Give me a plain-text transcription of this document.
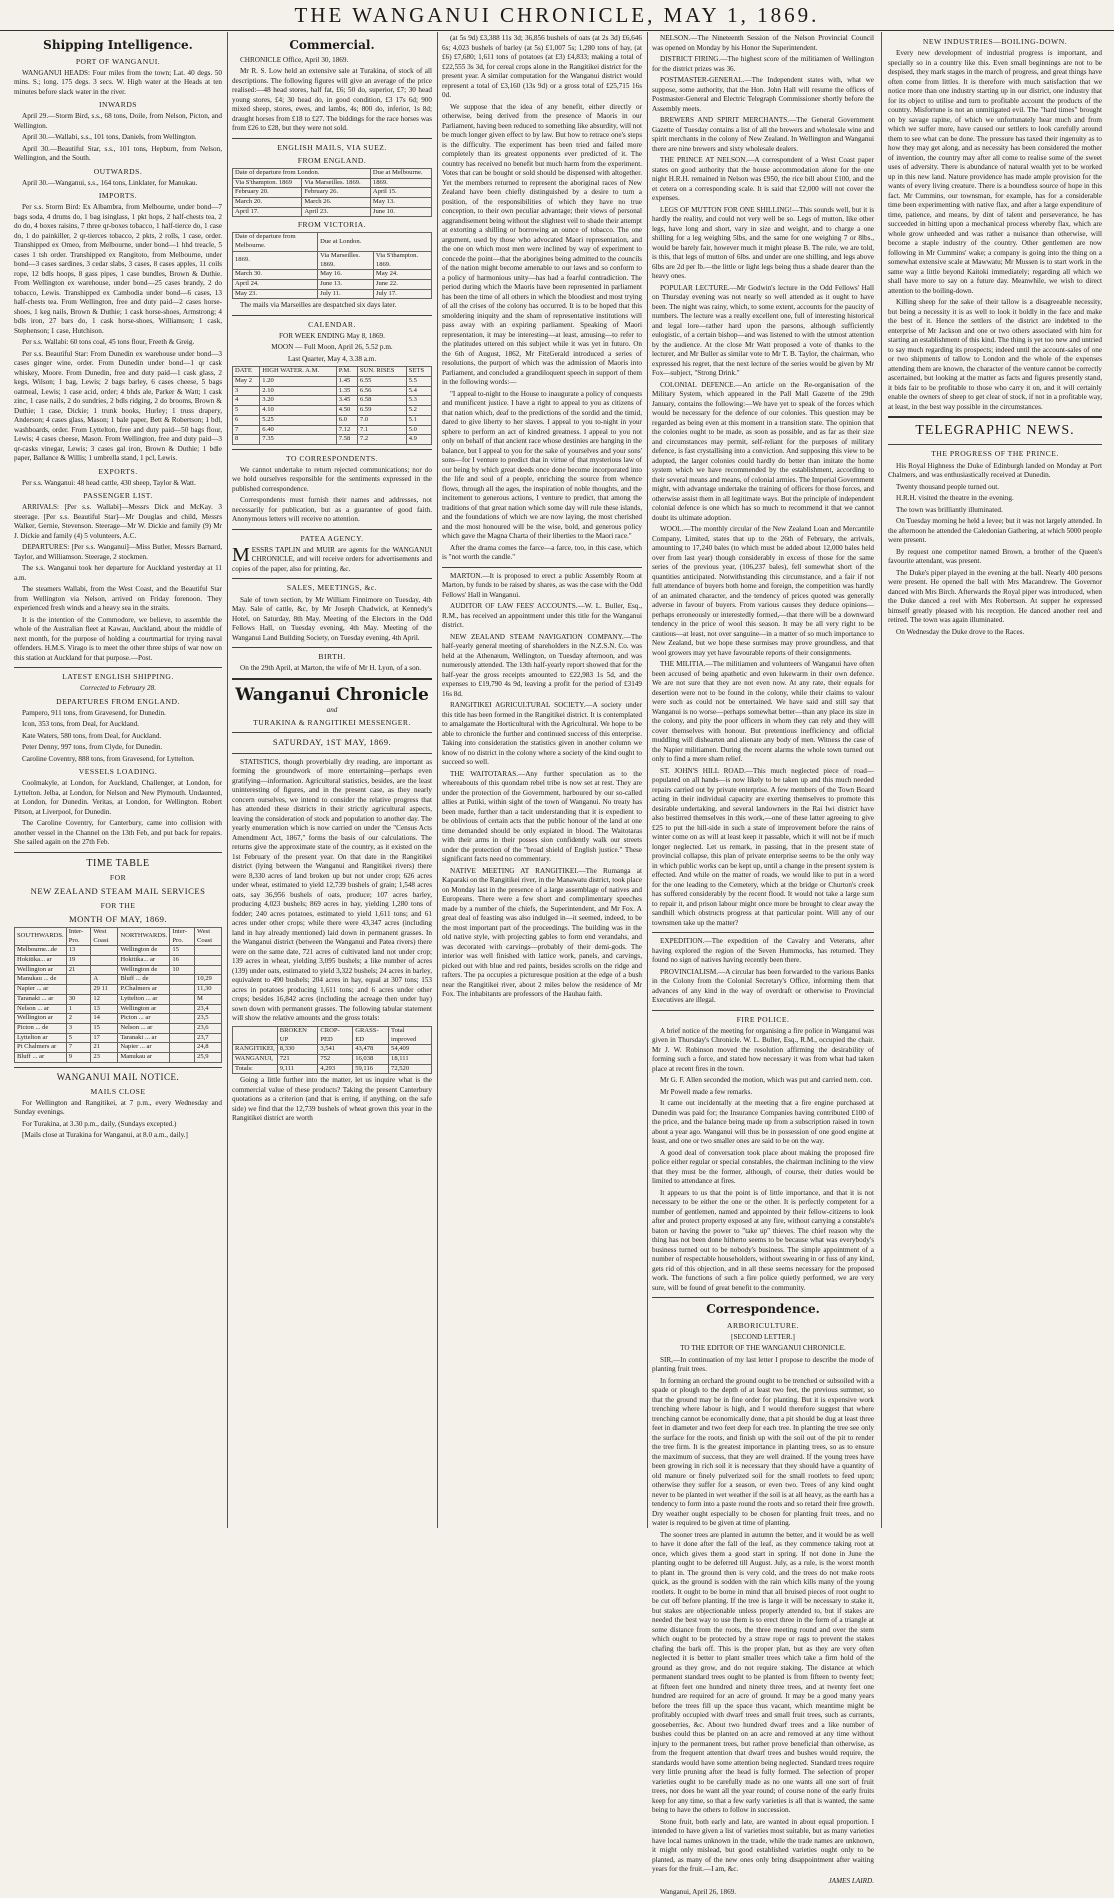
THE WANGANUI CHRONICLE, MAY 1, 1869.
Shipping Intelligence.
PORT OF WANGANUI.

WANGANUI HEADS: Four miles from the town; Lat. 40 degs. 50 mins. S.; long. 175 degs. 3 secs. W. High water at the Heads at ten minutes before slack water in the river.

INWARDS

April 29.—Storm Bird, s.s., 68 tons, Doile, from Nelson, Picton, and Wellington.

April 30.—Wallabi, s.s., 101 tons, Daniels, from Wellington.

April 30.—Beautiful Star, s.s., 101 tons, Hepburn, from Nelson, Wellington, and the South.

OUTWARDS.

April 30.—Wanganui, s.s., 164 tons, Linklater, for Manukau.

IMPORTS.

Per s.s. Storm Bird: Ex Albambra, from Melbourne, under bond—7 bags soda, 4 drums do, 1 bag isinglass, 1 pkt hops, 2 half-chests tea, 2 do do, 4 boxes raisins, 7 three qr-boxes tobacco, 1 half-tierce do, 1 case do, 1 do painkiller, 2 qr-tierces tobacco, 2 pkts, 2 rolls, 1 case, order. Transhipped ex Omeo, from Melbourne, under bond—1 hhd treacle, 5 cases 1 tsh order. Transhipped ex Rangitoto, from Melbourne, under bond—3 cases sardines, 3 cedar slabs, 3 cases, 8 cases apples, 11 coils rope, 12 bdls hoops, 8 gass pipes, 1 case bundles, Brown & Duthie. From Wellington ex warehouse, under bond—25 cases brandy, 2 do tobacco, Lewis. Transhipped ex Cambodia under bond—6 cases, 13 half-chests tea. From Wellington, free and duty paid—2 cases horse-shoes, 1 keg nails, Brown & Duthie; 1 cask horse-shoes, Armstrong; 4 bdls iron, 27 bars do, 1 cask horse-shoes, Williamson; 1 cask, Stephenson; 1 case, Hutchison.

Per s.s. Wallabi: 60 tons coal, 45 tons flour, Freeth & Greig.

Per s.s. Beautiful Star: From Dunedin ex warehouse under bond—3 cases ginger wine, order. From Dunedin under bond—1 qr cask whiskey, Moore. From Dunedin, free and duty paid—1 cask glass, 2 kegs, Wilson; 1 bag, Lewis; 2 bags barley, 6 cases cheese, 5 bags oatmeal, Lewis; 1 case acid, order; 4 bhds ale, Parker & Watt; 1 cask zinc, 1 case nails, 2 do sundries, 2 bdls ridging, 2 do brooms, Brown & Duthie; 1 case, Dickie; 1 trunk books, Hurley; 1 truss drapery, Anderson; 4 cases glass, Mason; 1 bale paper, Bett & Robertson; 1 bdl, washboards, order. From Lyttelton, free and duty paid—50 bags flour, Lewis; 4 cases cheese, Mason. From Wellington, free and duty paid—3 qr-casks vinegar, Lewis; 3 cases gal iron, Brown & Duthie; 1 bdle paper, Ballance & Willis; 1 umbrella stand, 1 pcl, Lewis.

EXPORTS.

Per s.s. Wanganui: 48 head cattle, 430 sheep, Taylor & Watt.

PASSENGER LIST.

ARRIVALS: [Per s.s. Wallabi]—Messrs Dick and McKay. 3 steerage. [Per s.s. Beautiful Star]—Mr Douglas and child, Messrs Walker, Gernie, Stevenson. Steerage—Mr W. Dickie and family (9) Mr J. Dickie and family (4) 5 volunteers, A.C.

DEPARTURES: [Per s.s. Wanganui]—Miss Butler, Messrs Barnard, Taylor, and Williamson. Steerage, 2 stockmen.

The s.s. Wanganui took her departure for Auckland yesterday at 11 a.m.

The steamers Wallabi, from the West Coast, and the Beautiful Star from Wellington via Nelson, arrived on Friday forenoon. They experienced fresh winds and a heavy sea in the straits.

It is the intention of the Commodore, we believe, to assemble the whole of the Australian fleet at Kawau, Auckland, about the middle of next month, for the purpose of holding a courtmartial for trying naval offenders. H.M.S. Virago is to meet the other three ships of war now on this station at Auckland for that purpose.—Post.

LATEST ENGLISH SHIPPING.

Corrected to February 28.

DEPARTURES FROM ENGLAND.

Pampero, 911 tons, from Gravesend, for Dunedin.

Icon, 353 tons, from Deal, for Auckland.

Kate Waters, 580 tons, from Deal, for Auckland.

Peter Denny, 997 tons, from Clyde, for Dunedin.

Caroline Coventry, 888 tons, from Gravesend, for Lyttelton.

VESSELS LOADING.

Coolmakyle, at London, for Auckland, Challenger, at London, for Lyttelton. Jelba, at London, for Nelson and New Plymouth. Undaunted, at London, for Dunedin. Veritas, at London, for Wellington. Robert Pitson, at Liverpool, for Dunedin.

The Caroline Coventry, for Canterbury, came into collision with another vessel in the Channel on the 13th Feb, and put back for repairs. She sailed again on the 27th Feb.

TIME TABLE
FOR
NEW ZEALAND STEAM MAIL SERVICES
FOR THE
MONTH OF MAY, 1869.
SOUTHWARDS.	Inter-Pro.	West Coast	NORTHWARDS.	Inter-Pro.	West Coast
Melbourne...de	13		Wellington de	15	
Hokitika... ar	19		Hokitika... ar	16	
Wellington ar	21		Wellington de	10	
Manukau ... de		A	Bluff ... de		10,29
Napier ... ar		29 11	P.Chalmers ar		11,30
Taranaki ... ar	30	12	Lyttelton ... ar		M
Nelson ... ar	1	13	Wellington ar		23,4
Wellington ar	2	14	Picton ... ar		23,5
Picton ... de	3	15	Nelson ... ar		23,6
Lyttelton ar	5	17	Taranaki ... ar		23,7
Pt Chalmers ar	7	21	Napier ... ar		24,8
Bluff ... ar	9	23	Manukau ar		25,9
WANGANUI MAIL NOTICE.
MAILS CLOSE

For Wellington and Rangitikei, at 7 p.m., every Wednesday and Sunday evenings.

For Turakina, at 3.30 p.m., daily, (Sundays excepted.)

[Mails close at Turakina for Wanganui, at 8.0 a.m., daily.]

Commercial.

CHRONICLE Office, April 30, 1869.

Mr R. S. Low held an extensive sale at Turakina, of stock of all descriptions. The following figures will give an average of the price realised:—48 head stores, half fat, £6; 50 do, superior, £7; 30 head young stores, £4; 30 head do, in good condition, £3 17s 6d; 900 mixed sheep, stores, ewes, and lambs, 4s; 800 do, inferior, 1s 8d; draught horses from £18 to £27. The biddings for the race horses was from £26 to £28, but they were not sold.

ENGLISH MAILS, VIA SUEZ.
FROM ENGLAND.
Date of departure from London.		Due at Melbourne.
Via S'thampton. 1869	Via Marseilles. 1869.	1869.
February 20.	February 26.	April 15.
March 20.	March 26.	May 13.
April 17.	April 23.	June 10.
FROM VICTORIA.
Date of departure from Melbourne.	Due at London.	
1869.	Via Marseilles. 1869.	Via S'thampton. 1869.
March 30.	May 16.	May 24.
April 24.	June 13.	June 22.
May 23.	July 11.	July 17.

The mails via Marseilles are despatched six days later.

CALENDAR.

FOR WEEK ENDING May 8, 1869.

MOON — Full Moon, April 26, 5.52 p.m.

Last Quarter, May 4, 3.38 a.m.

DATE	HIGH WATER. A.M.	P.M.	SUN. RISES	SETS
May 2	1.20	1.45	6.55	5.5
3	2.10	1.35	6.56	5.4
4	3.20	3.45	6.58	5.3
5	4.10	4.50	6.59	5.2
6	5.25	6.0	7.0	5.1
7	6.40	7.12	7.1	5.0
8	7.35	7.58	7.2	4.9
TO CORRESPONDENTS.

We cannot undertake to return rejected communications; nor do we hold ourselves responsible for the sentiments expressed in the published correspondence.

Correspondents must furnish their names and addresses, not necessarily for publication, but as a guarantee of good faith. Anonymous letters will receive no attention.

PATEA AGENCY.

MESSRS TAPLIN and MUIR are agents for the WANGANUI CHRONICLE, and will receive orders for advertisements and copies of the paper, also for printing, &c.

SALES, MEETINGS, &c.

Sale of town section, by Mr William Finnimore on Tuesday, 4th May. Sale of cattle, &c, by Mr Joseph Chadwick, at Kennedy's Hotel, on Saturday, 8th May. Meeting of the Electors in the Odd Fellows Hall, on Tuesday evening, 4th May. Meeting of the Wanganui Land Building Society, on Tuesday evening, 4th April.

BIRTH.

On the 29th April, at Marton, the wife of Mr H. Lyon, of a son.

Wanganui Chronicle

and

TURAKINA & RANGITIKEI MESSENGER.
SATURDAY, 1ST MAY, 1869.

STATISTICS, though proverbially dry reading, are important as forming the groundwork of more entertaining—perhaps even gratifying—information. Agricultural statistics, besides, are the least uninteresting of figures, and in the present case, as they nearly concern ourselves, we intend to consider the relative progress that has attended these districts in their strictly agricultural aspects, leaving the consideration of stock and population to another day. The yearly enumeration which is now carried on under the "Census Acts Amendment Act, 1867," forms the basis of our calculations. The returns give the approximate state of the country, as it existed on the 1st February of the present year. On that date in the Rangitikei district (lying between the Wanganui and Rangitikei rivers) there were 8,330 acres of land broken up but not under crop; 626 acres under wheat, estimated to yield 12,739 bushels of grain; 1,548 acres oats, say 36,956 bushels of oats, produce; 107 acres barley, producing 4,023 bushels; 869 acres in hay, yielding 1,280 tons of fodder; 240 acres potatoes, estimated to yield 1,611 tons; and 61 acres under other crops; while there were 43,347 acres (including land in hay already mentioned) laid down in permanent grasses. In the Wanganui district (between the Wanganui and Patea rivers) there were on the same date, 721 acres of cultivated land not under crop; 139 acres in wheat, yielding 3,095 bushels; a like number of acres (139) under oats, estimated to yield 3,322 bushels; 24 acres in barley, equivalent to 490 bushels; 204 acres in hay, equal at 307 tons; 153 acres in potatoes producing 1,611 tons; and 6 acres under other crops; besides 16,842 acres (including the acreage then under hay) sown down with permanent grasses. The following tabular statement will show the relative amounts and the gross totals:

	BROKEN UP	CROP-PED	GRASS-ED	Total improved
RANGITIKEI,	8,330	3,541	43,478	54,409
WANGANUI,	721	752	16,038	18,111
Totals:	9,111	4,293	59,116	72,520

Going a little further into the matter, let us inquire what is the commercial value of these products? Taking the present Canterbury quotations as a criterion (and that is erring, if anything, on the safe side) we find that the 12,739 bushels of wheat grown this year in the Rangitikei district are worth

(at 5s 9d) £3,388 11s 3d; 36,856 bushels of oats (at 2s 3d) £6,646 6s; 4,023 bushels of barley (at 5s) £1,007 5s; 1,280 tons of hay, (at £6) £7,680; 1,611 tons of potatoes (at £3) £4,833; making a total of £22,555 3s 3d, for cereal crops alone in the Rangitikei district for the present year. A similar computation for the Wanganui district would represent a total of £3,160 (13s 9d) or a gross total of £25,715 16s 0d.

We suppose that the idea of any benefit, either directly or otherwise, being derived from the presence of Maoris in our Parliament, having been reduced to something like absurdity, will not be much longer given effect to by law. But how to retrace one's steps is the difficulty. The experiment has been tried and failed more completely than its greatest opponents ever predicted of it. The country has received no benefit but much harm from the experiment. Votes that can be bought or sold should be dispensed with altogether. Yet the members returned to represent the aboriginal races of New Zealand have been chiefly distinguished by a desire to turn a position, of the responsibilities of which they have no true conception, to their own peculiar advantage; their views of personal aggrandisement being without the slightest veil to shade their attempt at extorting a shilling or borrowing an ounce of tobacco. The one argument, used by those who advocated Maori representation, and the one on which most men were inclined by way of experiment to concede the point—that the aborigines being admitted to the councils of the nation might become amenable to our laws and so conform to a policy of harmonious unity—has had a fearful contradiction. The period during which the Maoris have been represented in parliament has been the time of all others in which the bloodiest and most trying of all the crises of the colony has occurred. It is to be hoped that this smoldering iniquity and the sham of representative institutions will pass away with an expiring parliament. Speaking of Maori representation, it may be interesting—at least, amusing—to refer to the platitudes uttered on this subject while it was yet in futuro. On the 6th of August, 1862, Mr FitzGerald introduced a series of resolutions, the purport of which was the admission of Maoris into Parliament, and concluded a grandiloquent speech in support of them in the following words:—

"I appeal to-night to the House to inaugurate a policy of conquests and munificent justice. I have a right to appeal to you as citizens of that nation which, deaf to the predictions of the sordid and the timid, dared to give liberty to her slaves. I appeal to you to-night in your sphere to perform an act of kindred greatness. I appeal to you not only on behalf of that ancient race whose destinies are hanging in the balance, but I appeal to you for the sake of yourselves and your sons' sons—for I venture to predict that in virtue of that mysterious law of our being by which great deeds once done become incorporated into the life and soul of a people, enriching the source from whence flows, through all the ages, the inspiration of noble thoughts, and the incitement to generous actions, I venture to predict, that among the traditions of that great nation which some day will rule these islands, and the foundations of which we are now laying, the most cherished and the most honoured will be the wise, bold, and generous policy which gave the Magna Charta of their liberties to the Maori race."

After the drama comes the farce—a farce, too, in this case, which is "not worth the candle."

MARTON.—It is proposed to erect a public Assembly Room at Marton, by funds to be raised by shares, as was the case with the Odd Fellows' Hall in Wanganui.

AUDITOR OF LAW FEES' ACCOUNTS.—W. L. Buller, Esq., R.M., has received an appointment under this title for the Wanganui district.

NEW ZEALAND STEAM NAVIGATION COMPANY.—The half-yearly general meeting of shareholders in the N.Z.S.N. Co. was held at the Athenæum, Wellington, on Tuesday afternoon, and was numerously attended. The 13th half-yearly report showed that for the half-year the gross receipts amounted to £22,983 1s 5d, and the expenses to £19,790 4s 9d, leaving a profit for the period of £3149 16s 8d.

RANGITIKEI AGRICULTURAL SOCIETY.—A society under this title has been formed in the Rangitikei district. It is contemplated to amalgamate the Horticultural with the Agricultural. We hope to be able to chronicle the further and continued success of this enterprise. Taking into consideration the statistics given in another column we know of no district in the colony where a society of the kind ought to succeed so well.

THE WAITOTARAS.—Any further speculation as to the whereabouts of this quondam rebel tribe is now set at rest. They are under the protection of the Government, harboured by our so-called allies at Putiki, within sight of the town of Wanganui. No treaty has been made, further than a tacit understanding that it is expedient to be oblivious of certain acts that the public honour of the land at one time demanded should be only expiated in blood. The Waitotaras with their arms in their posses sion confidently walk our streets under the protection of the "broad shield of English justice." These significant facts need no commentary.

NATIVE MEETING AT RANGITIKEI.—The Rumanga at Kaparaki on the Rangitikei river, in the Manawatu district, took place on Monday last in the presence of a large assemblage of natives and Europeans. There were a few short and complimentary speeches made by a number of the chiefs, the Superintendent, and Mr Fox. A great deal of feasting was also indulged in—it seemed, indeed, to be the most important part of the proceedings. The building was in the old native style, with projecting gables to form end verandahs, and was decorated with carvings—probably of their demi-gods. The interior was well finished with lattice work, panels, and carvings, picked out with blue and red paints, besides scrolls on the ridge and rafters. The pa occupies a picturesque position at the edge of a bush near the Rangitikei river, about 2 miles below the residence of Mr Fox. The inhabitants are professors of the Hauhau faith.

NELSON.—The Nineteenth Session of the Nelson Provincial Council was opened on Monday by his Honor the Superintendent.

DISTRICT FIRING.—The highest score of the militiamen of Wellington for the district prizes was 36.

POSTMASTER-GENERAL.—The Independent states with, what we suppose, some authority, that the Hon. John Hall will resume the offices of Postmaster-General and Electric Telegraph Commissioner shortly before the Assembly meets.

BREWERS AND SPIRIT MERCHANTS.—The General Government Gazette of Tuesday contains a list of all the brewers and wholesale wine and spirit merchants in the colony of New Zealand. In Wellington and Wanganui there are nine brewers and sixty wholesale dealers.

THE PRINCE AT NELSON.—A correspondent of a West Coast paper states on good authority that the house accommodation alone for the one night H.R.H. remained in Nelson was £950, the rice bill about £100, and the et cetera on a corresponding scale. It is said that £2,000 will not cover the expenses.

LEGS OF MUTTON FOR ONE SHILLING!—This sounds well, but it is hardly the reality, and could not very well be so. Legs of mutton, like other legs, have long and short, vary in size and weight, and to charge a one shilling for a leg weighing 5lbs, and the same for one weighing 7 or 8lbs., would be barely fair, however much it might please B. The rule, we are told, is this, that legs of mutton of 6lbs. and under are one shilling, and legs above 6lbs are 2d per lb.—the little or light legs being thus a shade dearer than the heavy ones.

POPULAR LECTURE.—Mr Godwin's lecture in the Odd Fellows' Hall on Thursday evening was not nearly so well attended as it ought to have been. The night was rainy, which, to some extent, accounts for the paucity of numbers. The lecture was a really excellent one, full of interesting historical and legal lore—rather hard upon the parsons, although sufficiently eulogistic, of a certain bishop—and was listened to with the utmost attention by the audience. At the close Mr Watt proposed a vote of thanks to the lecturer, and Mr Buller as similar vote to Mr T. B. Taylor, the chairman, who expressed his regret, that the next lecture of the series would be given by Mr Fox—subject, "Strong Drink."

COLONIAL DEFENCE.—An article on the Re-organisation of the Military System, which appeared in the Pall Mall Gazette of the 29th January, contains the following:—We have yet to speak of the forces which would be necessary for the defence of our colonies. This question may be regarded as being even at this moment in a transition state. The opinion that the colonies ought to be made, as soon as possible, and as far as their size and circumstances may permit, self-reliant for the purposes of military defence, is fast crystallising into a conviction. And supposing this view to be adopted, the larger colonies could hardly do better than imitate the home system which we have recommended by the establishment, according to their several means and means, of colonial armies. The Imperial Government might, with advantage undertake the training of officers for those forces, and otherwise assist them in all legitimate ways. But the principle of independent colonial defence is one which has so much to recommend it that we cannot doubt its ultimate adoption.

WOOL.—The monthly circular of the New Zealand Loan and Mercantile Company, Limited, states that up to the 26th of February, the arrivals, amounting to 17,240 bales (to which must be added about 12,000 bales held over from last year) though considerably in excess of those for the same series of the previous year, (106,237 bales), fell somewhat short of the quantities anticipated. Notwithstanding this circumstance, and a fair if not full attendance of buyers both home and foreign, the competition was hardly of an animated character, and the tendency of prices quoted was generally adverse in favour of buyers. From various causes they deduce opinions—perhaps erroneously or interestedly formed,—that there will be a downward tendency in the price of wool this season. It may be all very right to be cautious—at least, not over sanguine—in a matter of so much importance to New Zealand, but we hope these surmises may prove groundless, and that wool growers may yet have favourable reports of their consignments.

THE MILITIA.—The militiamen and volunteers of Wanganui have often been accused of being apathetic and even lukewarm in their own defence. We are not sure that they are not even now. At any rate, their equals for desertion were not to be found in the colony, while their claims to valour were such as could not be entertained. We have said and still say that Wanganui is no worse—perhaps somewhat better—than any place its size in the colony, and pity the poor officers in whom they can rely and they will cover themselves with honour. But pretentious inefficiency and official muddling will dishearten and alienate any body of men. Witness the case of the Napier militiamen. During the recent alarms the whole town turned out only to find a mere sham relief.

ST. JOHN'S HILL ROAD.—This much neglected piece of road—populated on all hands—is now likely to be taken up and this much needed repairs carried out by private enterprise. A few members of the Town Board acting in their individual capacity are exerting themselves to promote this desirable undertaking, and several landowners in the Rai Iwi district have also bestirred themselves in this work,—one of these latter agreeing to give £25 to put the hill-side in such a state of improvement before the rains of winter come on as will at least keep it passable, which it will not be if much longer neglected. Let us remark, in passing, that in the present state of provincial collapse, this plan of private enterprise seems to be the only way in which public works can be kept up, until a change in the present system is effected. And while on the matter of roads, we would like to put in a word for the one leading to the Cemetery, which at the bridge or Churton's creek has suffered considerably by the recent flood. It would not take a large sum to repair it, and prison labour might once more be brought to clear away the sandhill which obstructs progress at that particular point. Will any of our townsmen take up the matter?

EXPEDITION.—The expedition of the Cavalry and Veterans, after having explored the region of the Seven Hummocks, has returned. They found no sign of natives having recently been there.

PROVINCIALISM.—A circular has been forwarded to the various Banks in the Colony from the Colonial Secretary's Office, informing them that advances of any kind in the way of overdraft or otherwise to Provincial Executives are illegal.

FIRE POLICE.

A brief notice of the meeting for organising a fire police in Wanganui was given in Thursday's Chronicle. W. L. Buller, Esq., R.M., occupied the chair. Mr J. W. Robinson moved the resolution affirming the desirability of forming such a force, and stated how necessary it was from what had taken place at recent fires in the town.

Mr G. F. Allen seconded the motion, which was put and carried nem. con.

Mr Powell made a few remarks.

It came out incidentally at the meeting that a fire engine purchased at Dunedin was paid for; the Insurance Companies having contributed £100 of the price, and the balance being made up from a subscription raised in town about a year ago. Wanganui will thus be in possession of one good engine at least, and one or two smaller ones are said to be on the way.

A good deal of conversation took place about making the proposed fire police either regular or special constables, the chairman inclining to the view that they must be the former, although, of course, their duties would be limited to attendance at fires.

It appears to us that the point is of little importance, and that it is not necessary to be either the one or the other. It is perfectly competent for a number of gentlemen, named and appointed by their fellow-citizens to look after and protect property exposed at any fire, without carrying a constable's baton or having the power to "take up" thieves. The chief reason why the thing has not been done hitherto seems to be because what was everybody's business turned out to be nobody's business. The simple appointment of a number of respectable householders, without swearing in or fuss of any kind, gets rid of this objection, and in all these seems necessary for the proposed work. The functions of such a fire police quietly performed, we are very sure, will be found of great benefit to the community.

Correspondence.
ARBORICULTURE.

[SECOND LETTER.]

TO THE EDITOR OF THE WANGANUI CHRONICLE.

SIR,—In continuation of my last letter I propose to describe the mode of planting fruit trees.

In forming an orchard the ground ought to be trenched or subsoiled with a spade or plough to the depth of at least two feet, the previous summer, so that the ground may be in fine order for planting. But it is expensive work trenching where labour is high, and I would therefore suggest that where trenching cannot be economically done, that a pit should be dug at least three feet in diameter and two feet deep for each tree. In planting the tree see only the surface for the roots, and finish up with the soil out of the pit to render the tree firm. It is the greatest importance in planting trees, so as to ensure the maximum of success, that they are well drained. If the young trees have been growing in rich soil it is necessary that they should have a quantity of old manure or finely pulverized soil for the small rootlets to feed upon; otherwise they suffer for a season, or even two. Trees of any kind ought never to be planted in wet weather if the soil is at all heavy, as the earth has a tendency to form into a paste round the roots and so retard their free growth. Dry weather ought especially to be chosen for planting fruit trees, and no water is required to be given at time of planting.

The sooner trees are planted in autumn the better, and it would be as well to have it done after the fall of the leaf, as they commence taking root at once, which gives them a good start in spring. If not done in June the planting ought to be deferred till August. July, as a rule, is the worst month to plant in. The ground then is very cold, and the trees do not make roots quick, as the ground is sodden with the rain which kills many of the young rootlets. It ought to be borne in mind that all bruised pieces of root ought to be cut off before planting. If the tree is large it will be necessary to stake it, but stakes are objectionable unless properly attended to, but if stakes are needed the best way to use them is to erect three in the form of a triangle at some distance from the roots, the three meeting round and over the stem which ought to be protected by a straw rope or rags to prevent the stakes chafing the bark off. This is the proper plan, but as they are very often neglected it is better to plant smaller trees which take a firm hold of the ground as they grow, and do not require staking. The distance at which permanent standard trees ought to be planted is from fifteen to twenty feet; at fifteen feet one hundred and ninety three trees, and at twenty feet one hundred are required for an acre of ground. It may be a good many years before the trees fill up the space thus vacant, which meantime might be profitably occupied with dwarf trees and small fruit trees, such as currants, gooseberries, &c. About two hundred dwarf trees and a like number of bushes could thus be planted on an acre and removed at any time without injury to the permanent trees, but rather prove beneficial than otherwise, as from the frequent attention that dwarf trees and bushes would require, the standards would have some attention being neglected. Standard trees require very little pruning after the head is fully formed. The selection of proper varieties ought to be carefully made as no one wants all one sort of fruit trees, nor does he want all the year round; of course none of the early fruits keep for any time, so that a few early varieties is all that is wanted, the same being to have the others to follow in succession.

Stone fruit, both early and late, are wanted in about equal proportion. I intended to have given a list of varieties most suitable, but as many varieties have local names unknown in the trade, while the trade names are unknown, it might only mislead, but good established varieties ought only to be planted, as many of the new ones only bring disappointment after waiting years for the fruit.—I am, &c.

JAMES LAIRD.

Wanganui, April 26, 1869.

NEW INDUSTRIES—BOILING-DOWN.

Every new development of industrial progress is important, and specially so in a country like this. Even small beginnings are not to be despised, they mark stages in the march of progress, and great things have often come from littles. It is therefore with much satisfaction that we notice more than one industry starting up in our district, one industry that for its object to utilise and turn to profitable account the products of the country. Misfortune is not an unmitigated evil. The "hard times" brought on by savage rapine, of which we unfortunately hear much and from which we suffer more, have caused our settlers to look carefully around them to see what can be done. The pressure has taxed their ingenuity as to how they may get along, and as necessity has been considered the mother of invention, the country may after all come to realise some of the sweet uses of adversity. There is abundance of natural wealth yet to be worked up in this new land. Nature providence has made ample provision for the wants of every living creature. There is a boundless source of hope in this fact. Mr Cummins, our townsman, for example, has for a considerable time been experimenting with native flax, and after a large expenditure of time, patience, and means, by dint of talent and perseverance, he has succeeded in hitting upon a mechanical process whereby flax, which are whole grow unheeded and was rather a nuisance than otherwise, will become a staple industry of the country. Other gentlemen are now following in Mr Cummins' wake; a company is going into the thing on a somewhat extensive scale at Mawwatu; Mr Mussen is to start work in the same way a little beyond Kaitoki immediately; regarding all which we shall have more to say on a future day. Meanwhile, we wish to direct attention to the boiling-down.

Killing sheep for the sake of their tallow is a disagreeable necessity, but being a necessity it is as well to look it boldly in the face and make the best of it. Hence the settlers of the district are indebted to the enterprise of Mr Jackson and one or two others associated with him for starting an establishment of this kind. The thing is yet too new and untried to say much regarding its prospects; indeed until the account-sales of one or two shipments of tallow to London and the whole of the expenses attending them are known, the character of the venture cannot be correctly ascertained, but looking at the matter as facts and figures presently stand, it bids fair to be profitable to those who carry it on, and it will certainly enable the owners of sheep to get clear of stock, if not in a profitable way, at least, in the best way possible in the circumstances.

TELEGRAPHIC NEWS.
THE PROGRESS OF THE PRINCE.

His Royal Highness the Duke of Edinburgh landed on Monday at Port Chalmers, and was enthusiastically received at Dunedin.

Twenty thousand people turned out.

H.R.H. visited the theatre in the evening.

The town was brilliantly illuminated.

On Tuesday morning he held a levee; but it was not largely attended. In the afternoon he attended the Caledonian Gathering, at which 5000 people were present.

By request one competitor named Brown, a brother of the Queen's favourite attendant, was present.

The Duke's piper played in the evening at the ball. Nearly 400 persons were present. He opened the ball with Mrs Macandrew. The Governor danced with Mrs Birch. Afterwards the Royal piper was introduced, when the Duke danced a reel with Mrs Robertson. At supper he expressed himself greatly pleased with his reception. He danced another reel and retired. The town was again illuminated.

On Wednesday the Duke drove to the Races.
